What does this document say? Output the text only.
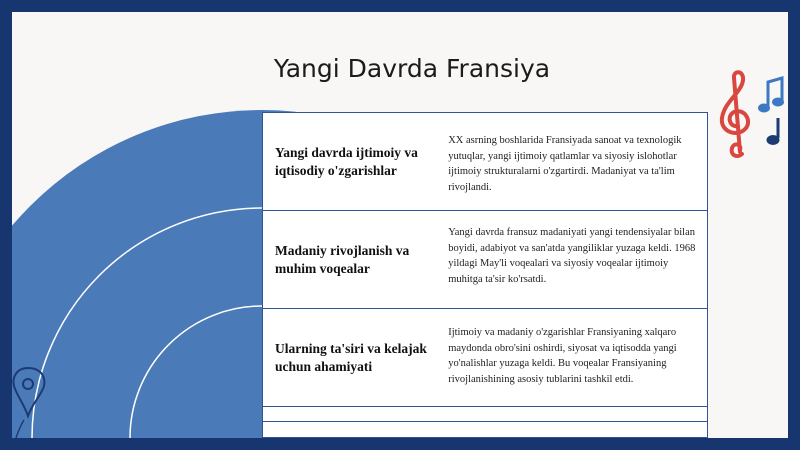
Yangi Davrda Fransiya
Yangi davrda ijtimoiy va iqtisodiy o'zgarishlar
XX asrning boshlarida Fransiyada sanoat va texnologik yutuqlar, yangi ijtimoiy qatlamlar va siyosiy islohotlar ijtimoiy strukturalarni o'zgartirdi. Madaniyat va ta'lim rivojlandi.
Madaniy rivojlanish va muhim voqealar
Yangi davrda fransuz madaniyati yangi tendensiyalar bilan boyidi, adabiyot va san'atda yangiliklar yuzaga keldi. 1968 yildagi May'li voqealari va siyosiy voqealar ijtimoiy muhitga ta'sir ko'rsatdi.
Ularning ta'siri va kelajak uchun ahamiyati
Ijtimoiy va madaniy o'zgarishlar Fransiyaning xalqaro maydonda obro'sini oshirdi, siyosat va iqtisodda yangi yo'nalishlar yuzaga keldi. Bu voqealar Fransiyaning rivojlanishining asosiy tublarini tashkil etdi.
